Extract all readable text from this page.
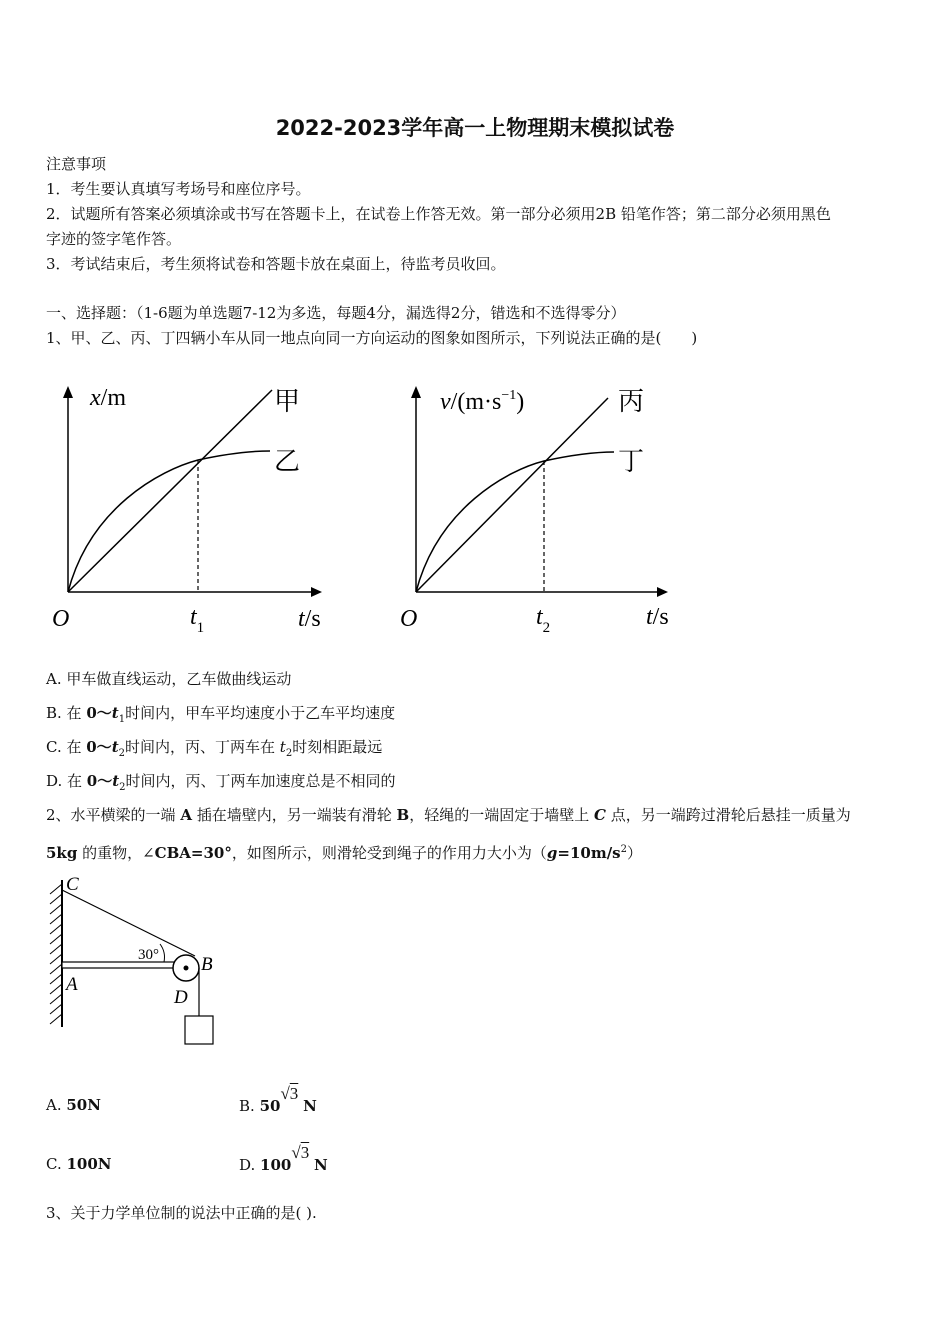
2022-2023学年高一上物理期末模拟试卷
注意事项
1．考生要认真填写考场号和座位序号。
2．试题所有答案必须填涂或书写在答题卡上，在试卷上作答无效。第一部分必须用2B 铅笔作答；第二部分必须用黑色
字迹的签字笔作答。
3．考试结束后，考生须将试卷和答题卡放在桌面上，待监考员收回。
一、选择题：（1-6题为单选题7-12为多选，每题4分，漏选得2分，错选和不选得零分）
1、甲、乙、丙、丁四辆小车从同一地点向同一方向运动的图象如图所示，下列说法正确的是(　　)
x/m
t/s
O	$t_1$
甲
乙
$v/(m\cdot s^{-1})$
t/s
O	$t_2$
丙
丁
A. 甲车做直线运动，乙车做曲线运动
B. 在 $0\sim t_1$时间内，甲车平均速度小于乙车平均速度
C. 在 $0\sim t_2$时间内，丙、丁两车在 $t_2$时刻相距最远
D. 在 $0\sim t_2$时间内，丙、丁两车加速度总是不相同的
2、水平横梁的一端 A 插在墙壁内，另一端装有滑轮 B，轻绳的一端固定于墙壁上 C 点，另一端跨过滑轮后悬挂一质量为
5kg 的重物，∠CBA=30°，如图所示，则滑轮受到绳子的作用力大小为$(g=10m/s^2)$
C
A
B
D
30°
A. 50N	B. 50√3 N
C. 100N	D. 100√3 N
3、关于力学单位制的说法中正确的是( ).
